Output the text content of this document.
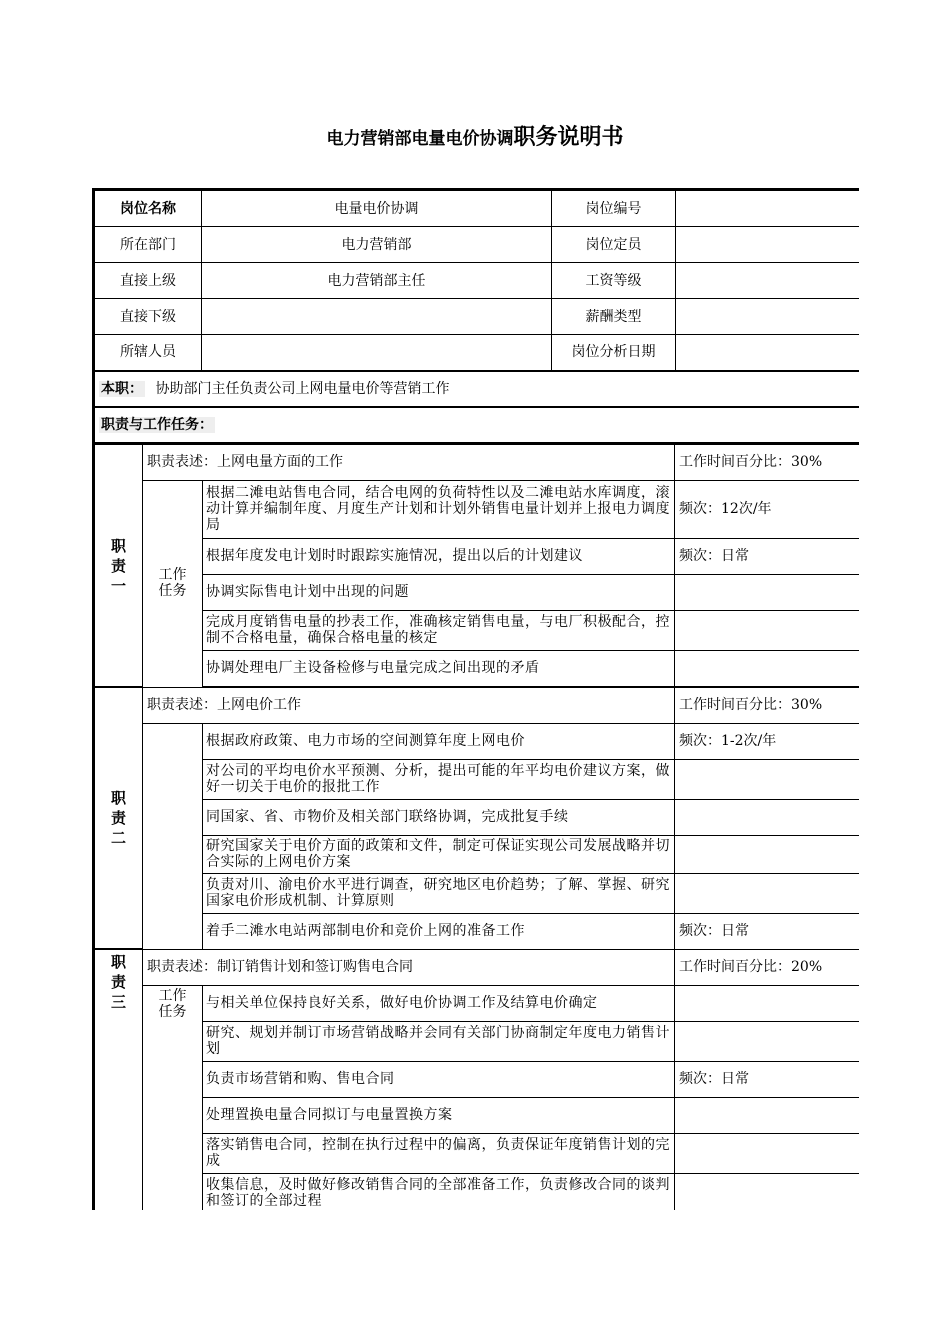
电力营销部电量电价协调职务说明书
岗位名称	电量电价协调	岗位编号	
所在部门	电力营销部	岗位定员	
直接上级	电力营销部主任	工资等级	
直接下级		薪酬类型	
所辖人员		岗位分析日期	
本职： 协助部门主任负责公司上网电量电价等营销工作			
职责与工作任务：			
职责一	职责表述：上网电量方面的工作		工作时间百分比：30%
	工作任务	根据二滩电站售电合同，结合电网的负荷特性以及二滩电站水库调度，滚动计算并编制年度、月度生产计划和计划外销售电量计划并上报电力调度局	频次：12次/年
		根据年度发电计划时时跟踪实施情况，提出以后的计划建议	频次：日常
		协调实际售电计划中出现的问题	
		完成月度销售电量的抄表工作，准确核定销售电量，与电厂积极配合，控制不合格电量，确保合格电量的核定	
		协调处理电厂主设备检修与电量完成之间出现的矛盾	

职责二	职责表述：上网电价工作		工作时间百分比：30%
		根据政府政策、电力市场的空间测算年度上网电价	频次：1-2次/年
		对公司的平均电价水平预测、分析，提出可能的年平均电价建议方案，做好一切关于电价的报批工作	
		同国家、省、市物价及相关部门联络协调，完成批复手续	
		研究国家关于电价方面的政策和文件，制定可保证实现公司发展战略并切合实际的上网电价方案	
		负责对川、渝电价水平进行调查，研究地区电价趋势；了解、掌握、研究国家电价形成机制、计算原则	
		着手二滩水电站两部制电价和竞价上网的准备工作	频次：日常
职责三	职责表述：制订销售计划和签订购售电合同		工作时间百分比：20%
	工作任务	与相关单位保持良好关系，做好电价协调工作及结算电价确定	
		研究、规划并制订市场营销战略并会同有关部门协商制定年度电力销售计划	
		负责市场营销和购、售电合同	频次：日常
		处理置换电量合同拟订与电量置换方案	
		落实销售电合同，控制在执行过程中的偏离，负责保证年度销售计划的完成	
		收集信息，及时做好修改销售合同的全部准备工作，负责修改合同的谈判和签订的全部过程	
